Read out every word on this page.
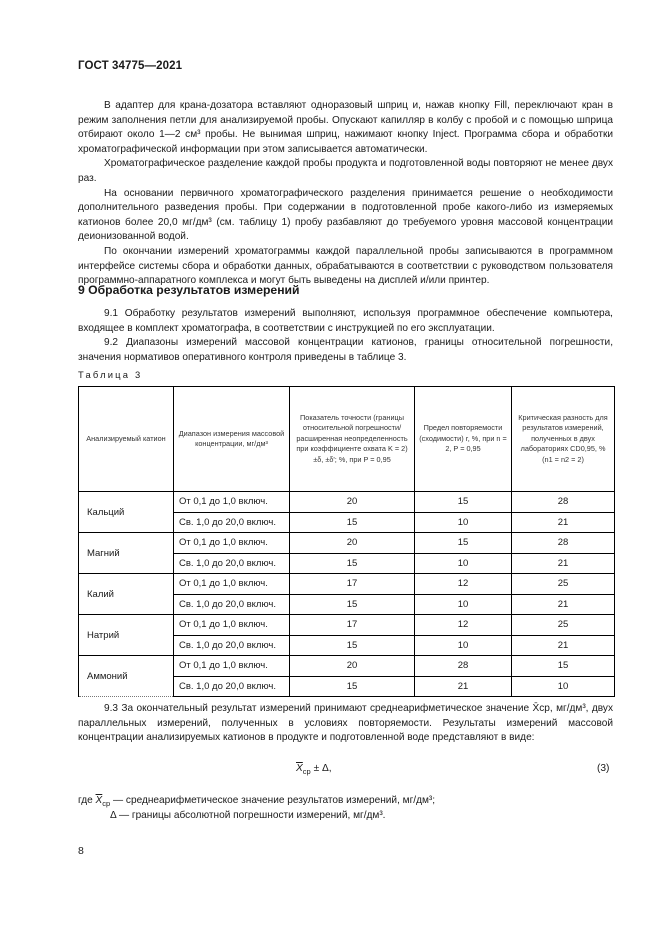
ГОСТ 34775—2021

В адаптер для крана-дозатора вставляют одноразовый шприц и, нажав кнопку Fill, переключают кран в режим заполнения петли для анализируемой пробы. Опускают капилляр в колбу с пробой и с помощью шприца отбирают около 1—2 см³ пробы. Не вынимая шприц, нажимают кнопку Inject. Программа сбора и обработки хроматографической информации при этом записывается автоматически.

Хроматографическое разделение каждой пробы продукта и подготовленной воды повторяют не менее двух раз.

На основании первичного хроматографического разделения принимается решение о необходимости дополнительного разведения пробы. При содержании в подготовленной пробе какого-либо из измеряемых катионов более 20,0 мг/дм³ (см. таблицу 1) пробу разбавляют до требуемого уровня массовой концентрации деионизованной водой.

По окончании измерений хроматограммы каждой параллельной пробы записываются в программном интерфейсе системы сбора и обработки данных, обрабатываются в соответствии с руководством пользователя программно-аппаратного комплекса и могут быть выведены на дисплей и/или принтер.

9 Обработка результатов измерений

9.1 Обработку результатов измерений выполняют, используя программное обеспечение компьютера, входящее в комплект хроматографа, в соответствии с инструкцией по его эксплуатации.

9.2 Диапазоны измерений массовой концентрации катионов, границы относительной погрешности, значения нормативов оперативного контроля приведены в таблице 3.

Таблица 3
Анализируемый катион	Диапазон измерения массовой концентрации, мг/дм³	Показатель точности (границы относительной погрешности/ расширенная неопределенность при коэффициенте охвата K = 2) ±δ, ±δ'; %, при P = 0,95	Предел повторяемости (сходимости) r, %, при n = 2, P = 0,95	Критическая разность для результатов измерений, полученных в двух лабораториях CD0,95, % (n1 = n2 = 2)
Кальций	От 0,1 до 1,0 включ.	20	15	28
	Св. 1,0 до 20,0 включ.	15	10	21
Магний	От 0,1 до 1,0 включ.	20	15	28
	Св. 1,0 до 20,0 включ.	15	10	21
Калий	От 0,1 до 1,0 включ.	17	12	25
	Св. 1,0 до 20,0 включ.	15	10	21
Натрий	От 0,1 до 1,0 включ.	17	12	25
	Св. 1,0 до 20,0 включ.	15	10	21
Аммоний	От 0,1 до 1,0 включ.	20	28	15
	Св. 1,0 до 20,0 включ.	15	21	10

9.3 За окончательный результат измерений принимают среднеарифметическое значение X̄ср, мг/дм³, двух параллельных измерений, полученных в условиях повторяемости. Результаты измерений массовой концентрации анализируемых катионов в продукте и подготовленной воде представляют в виде:

$\overline{X}_{ср} \pm \Delta$,	(3)
где $\overline{X}_{ср}$ — среднеарифметическое значение результатов измерений, мг/дм³;
Δ — границы абсолютной погрешности измерений, мг/дм³.
8
